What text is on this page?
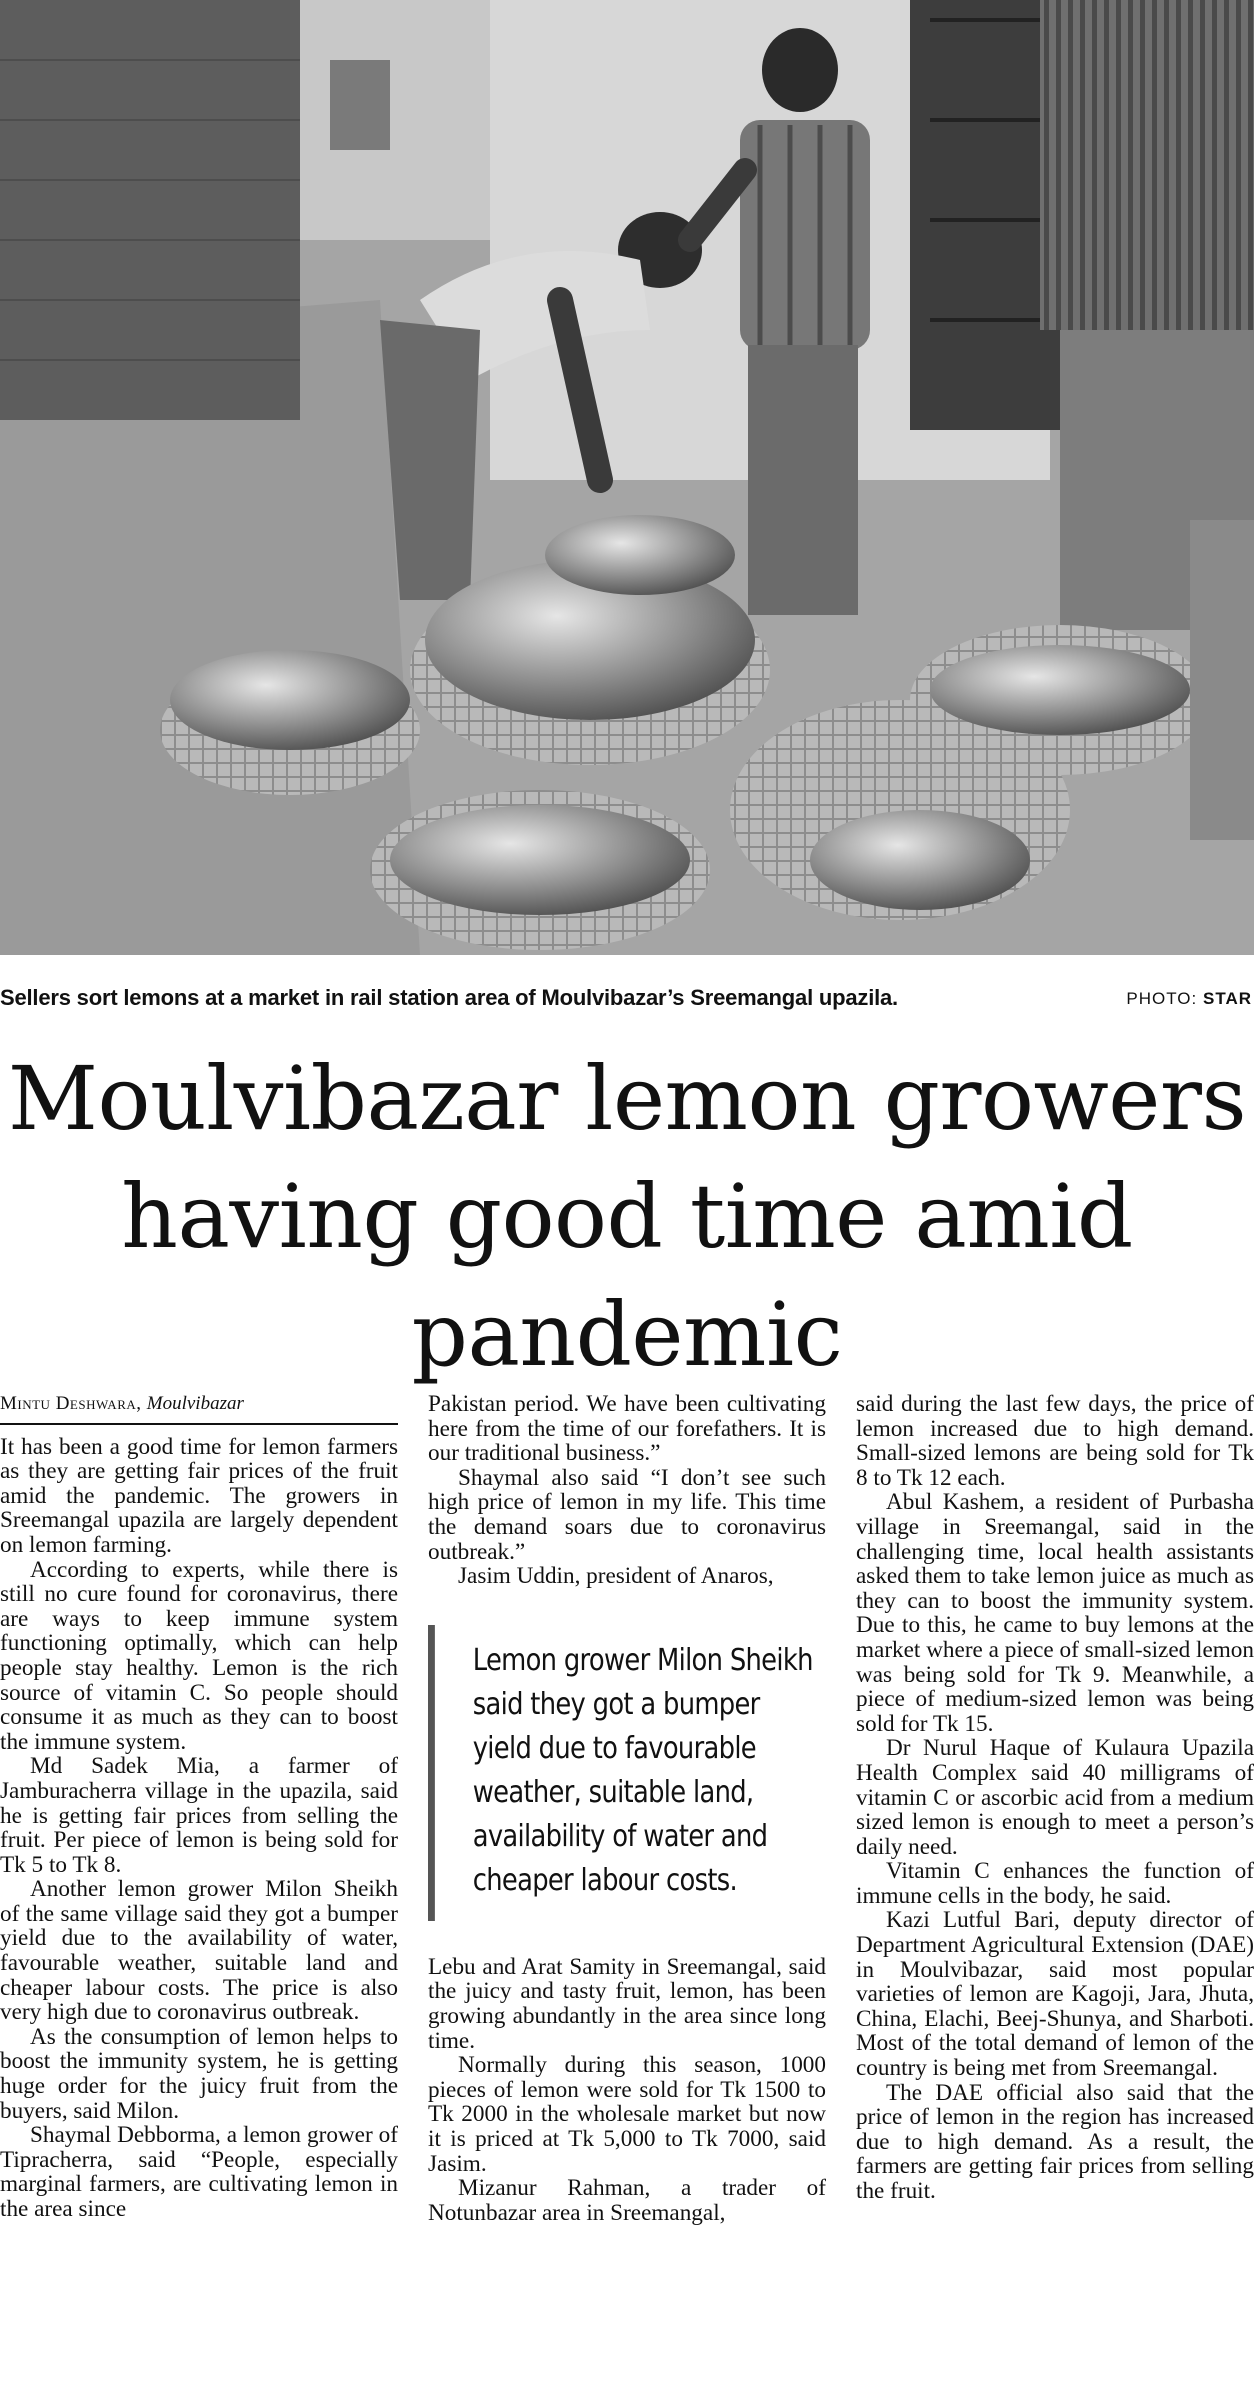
Sellers sort lemons at a market in rail station area of Moulvibazar’s Sreemangal upazila.	PHOTO: STAR
Moulvibazar lemon growers
having good time amid
pandemic
Mintu Deshwara, Moulvibazar

It has been a good time for lemon farmers as they are getting fair prices of the fruit amid the pandemic. The growers in Sreemangal upazila are largely dependent on lemon farming.

According to experts, while there is still no cure found for coronavirus, there are ways to keep immune system functioning optimally, which can help people stay healthy. Lemon is the rich source of vitamin C. So people should consume it as much as they can to boost the immune system.

Md Sadek Mia, a farmer of Jamburacherra village in the upazila, said he is getting fair prices from selling the fruit. Per piece of lemon is being sold for Tk 5 to Tk 8.

Another lemon grower Milon Sheikh of the same village said they got a bumper yield due to the availability of water, favourable weather, suitable land and cheaper labour costs. The price is also very high due to coronavirus outbreak.

As the consumption of lemon helps to boost the immunity system, he is getting huge order for the juicy fruit from the buyers, said Milon.

Shaymal Debborma, a lemon grower of Tipracherra, said “People, especially marginal farmers, are cultivating lemon in the area since

Pakistan period. We have been cultivating here from the time of our forefathers. It is our traditional business.”

Shaymal also said “I don’t see such high price of lemon in my life. This time the demand soars due to coronavirus outbreak.”

Jasim Uddin, president of Anaros,

Lemon grower Milon Sheikh said they got a bumper yield due to favourable weather, suitable land, availability of water and cheaper labour costs.

Lebu and Arat Samity in Sreemangal, said the juicy and tasty fruit, lemon, has been growing abundantly in the area since long time.

Normally during this season, 1000 pieces of lemon were sold for Tk 1500 to Tk 2000 in the wholesale market but now it is priced at Tk 5,000 to Tk 7000, said Jasim.

Mizanur Rahman, a trader of Notunbazar area in Sreemangal,

said during the last few days, the price of lemon increased due to high demand. Small-sized lemons are being sold for Tk 8 to Tk 12 each.

Abul Kashem, a resident of Purbasha village in Sreemangal, said in the challenging time, local health assistants asked them to take lemon juice as much as they can to boost the immunity system. Due to this, he came to buy lemons at the market where a piece of small-sized lemon was being sold for Tk 9. Meanwhile, a piece of medium-sized lemon was being sold for Tk 15.

Dr Nurul Haque of Kulaura Upazila Health Complex said 40 milligrams of vitamin C or ascorbic acid from a medium sized lemon is enough to meet a person’s daily need.

Vitamin C enhances the function of immune cells in the body, he said.

Kazi Lutful Bari, deputy director of Department Agricultural Extension (DAE) in Moulvibazar, said most popular varieties of lemon are Kagoji, Jara, Jhuta, China, Elachi, Beej-Shunya, and Sharboti. Most of the total demand of lemon of the country is being met from Sreemangal.

The DAE official also said that the price of lemon in the region has increased due to high demand. As a result, the farmers are getting fair prices from selling the fruit.
